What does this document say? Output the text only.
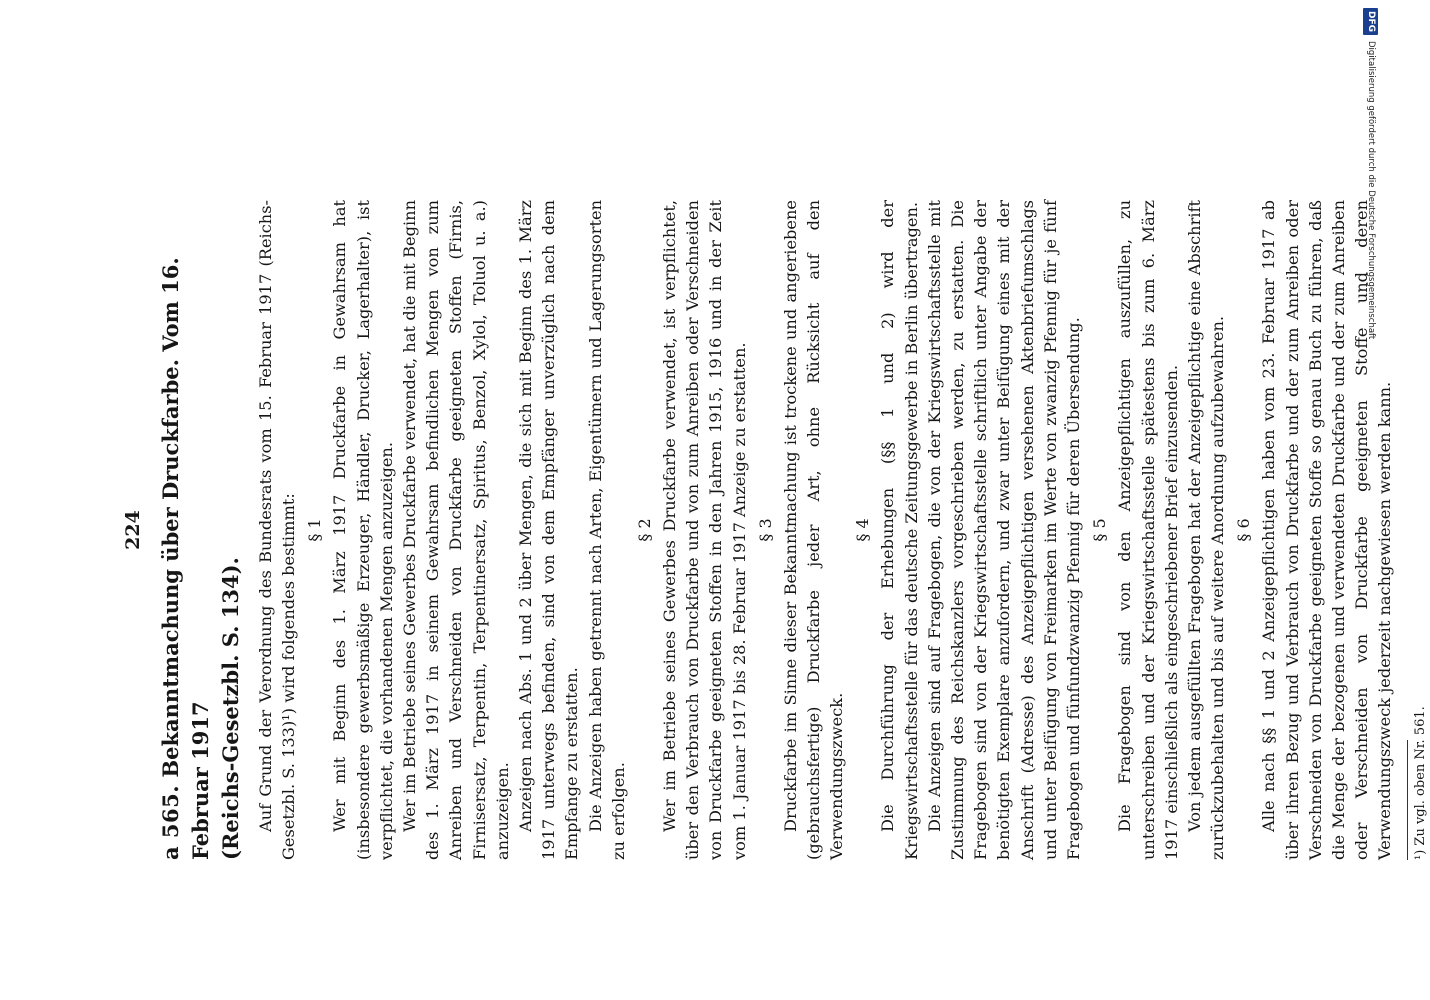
224
a 565. Bekanntmachung über Druckfarbe. Vom 16. Februar 1917 (Reichs-Gesetzbl. S. 134). Auf Grund der Verordnung des Bundesrats vom 15. Februar 1917 (Reichs-Gesetzbl. S. 133)¹) wird folgendes bestimmt: § 1 Wer mit Beginn des 1. März 1917 Druckfarbe in Gewahrsam hat (insbesondere gewerbsmäßige Erzeuger, Händler, Drucker, Lagerhalter), ist verpflichtet, die vorhandenen Mengen anzuzeigen. Wer im Betriebe seines Gewerbes Druckfarbe verwendet, hat die mit Beginn des 1. März 1917 in seinem Gewahrsam befindlichen Mengen von zum Anreiben und Verschneiden von Druckfarbe geeigneten Stoffen (Firnis, Firnisersatz, Terpentin, Terpentinersatz, Spiritus, Benzol, Xylol, Toluol u. a.) anzuzeigen. Anzeigen nach Abs. 1 und 2 über Mengen, die sich mit Beginn des 1. März 1917 unterwegs befinden, sind von dem Empfänger unverzüglich nach dem Empfange zu erstatten. Die Anzeigen haben getrennt nach Arten, Eigentümern und Lagerungsorten zu erfolgen.

§ 2 Wer im Betriebe seines Gewerbes Druckfarbe verwendet, ist verpflichtet, über den Verbrauch von Druckfarbe und von zum Anreiben oder Verschneiden von Druckfarbe geeigneten Stoffen in den Jahren 1915, 1916 und in der Zeit vom 1. Januar 1917 bis 28. Februar 1917 Anzeige zu erstatten. § 3 Druckfarbe im Sinne dieser Bekanntmachung ist trockene und angeriebene (gebrauchsfertige) Druckfarbe jeder Art, ohne Rücksicht auf den Verwendungszweck.

§ 4 Die Durchführung der Erhebungen (§§ 1 und 2) wird der Kriegswirtschaftsstelle für das deutsche Zeitungsgewerbe in Berlin übertragen. Die Anzeigen sind auf Fragebogen, die von der Kriegswirtschaftsstelle mit Zustimmung des Reichskanzlers vorgeschrieben werden, zu erstatten. Die Fragebogen sind von der Kriegswirtschaftsstelle schriftlich unter Angabe der benötigten Exemplare anzufordern, und zwar unter Beifügung eines mit der Anschrift (Adresse) des Anzeigepflichtigen versehenen Aktenbriefumschlags und unter Beifügung von Freimarken im Werte von zwanzig Pfennig für je fünf Fragebogen und fünfundzwanzig Pfennig für deren Übersendung. § 5 Die Fragebogen sind von den Anzeigepflichtigen auszufüllen, zu unterschreiben und der Kriegswirtschaftsstelle spätestens bis zum 6. März 1917 einschließlich als eingeschriebener Brief einzusenden. Von jedem ausgefüllten Fragebogen hat der Anzeigepflichtige eine Abschrift zurückzubehalten und bis auf weitere Anordnung aufzubewahren. § 6 Alle nach §§ 1 und 2 Anzeigepflichtigen haben vom 23. Februar 1917 ab über ihren Bezug und Verbrauch von Druckfarbe und der zum Anreiben oder Verschneiden von Druckfarbe geeigneten Stoffe so genau Buch zu führen, daß die Menge der bezogenen und verwendeten Druckfarbe und der zum Anreiben oder Verschneiden von Druckfarbe geeigneten Stoffe und deren Verwendungszweck jederzeit nachgewiesen werden kann. ¹) Zu vgl. oben Nr. 561.

DFG
Digitalisierung gefördert durch die Deutsche Forschungsgemeinschaft
